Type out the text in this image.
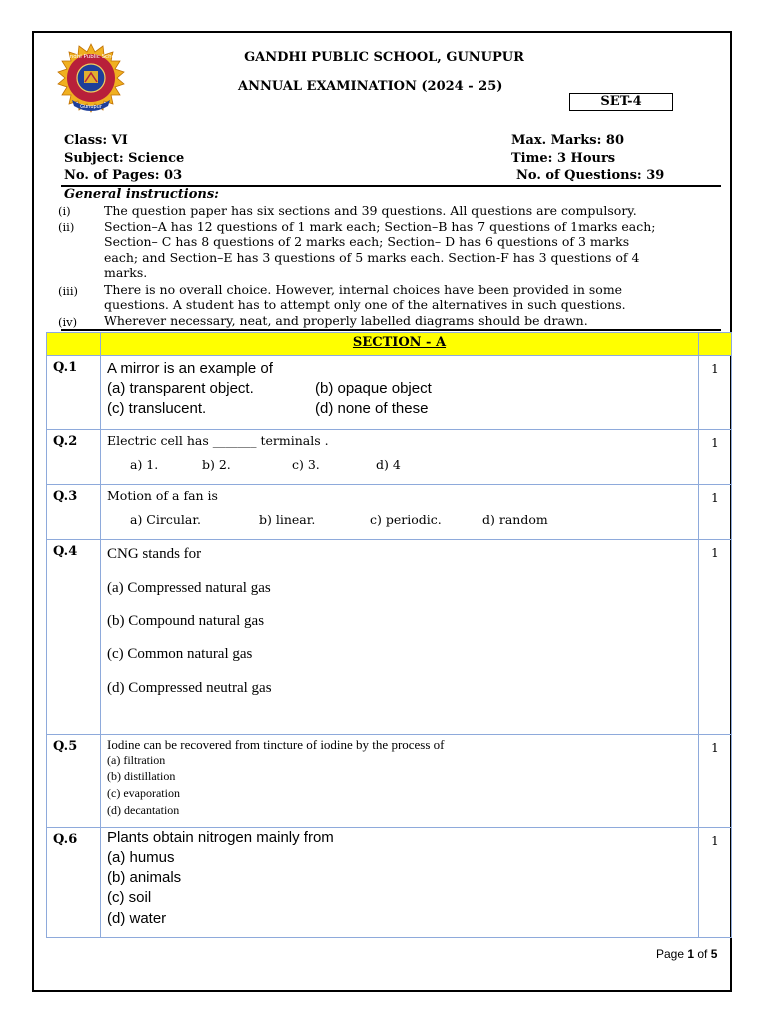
Gandhi Public School
Gunupur
GANDHI PUBLIC SCHOOL, GUNUPUR
ANNUAL EXAMINATION (2024 - 25)
SET-4
Class: VI	Max. Marks: 80
Subject: Science	Time: 3 Hours
No. of Pages: 03	No. of Questions: 39
General instructions:
(i)	The question paper has six sections and 39 questions. All questions are compulsory.
(ii) Section–A has 12 questions of 1 mark each; Section–B has 7 questions of 1marks each;
Section– C has 8 questions of 2 marks each; Section– D has 6 questions of 3 marks
each; and Section–E has 3 questions of 5 marks each. Section-F has 3 questions of 4
marks.
(iii) There is no overall choice. However, internal choices have been provided in some
questions. A student has to attempt only one of the alternatives in such questions.
(iv) Wherever necessary, neat, and properly labelled diagrams should be drawn.
	SECTION - A	
Q.1	A mirror is an example of
(a) transparent object. (b) opaque object
(c) translucent. (d) none of these	1
Q.2	Electric cell has _______ terminals .
a) 1. b) 2. c) 3. d) 4	1
Q.3	Motion of a fan is
a) Circular. b) linear. c) periodic. d) random	1
Q.4	CNG stands for
(a) Compressed natural gas
(b) Compound natural gas
(c) Common natural gas
(d) Compressed neutral gas	1
Q.5	Iodine can be recovered from tincture of iodine by the process of
(a) filtration
(b) distillation
(c) evaporation
(d) decantation	1
Q.6	Plants obtain nitrogen mainly from
(a) humus
(b) animals
(c) soil
(d) water	1
Page 1 of 5
